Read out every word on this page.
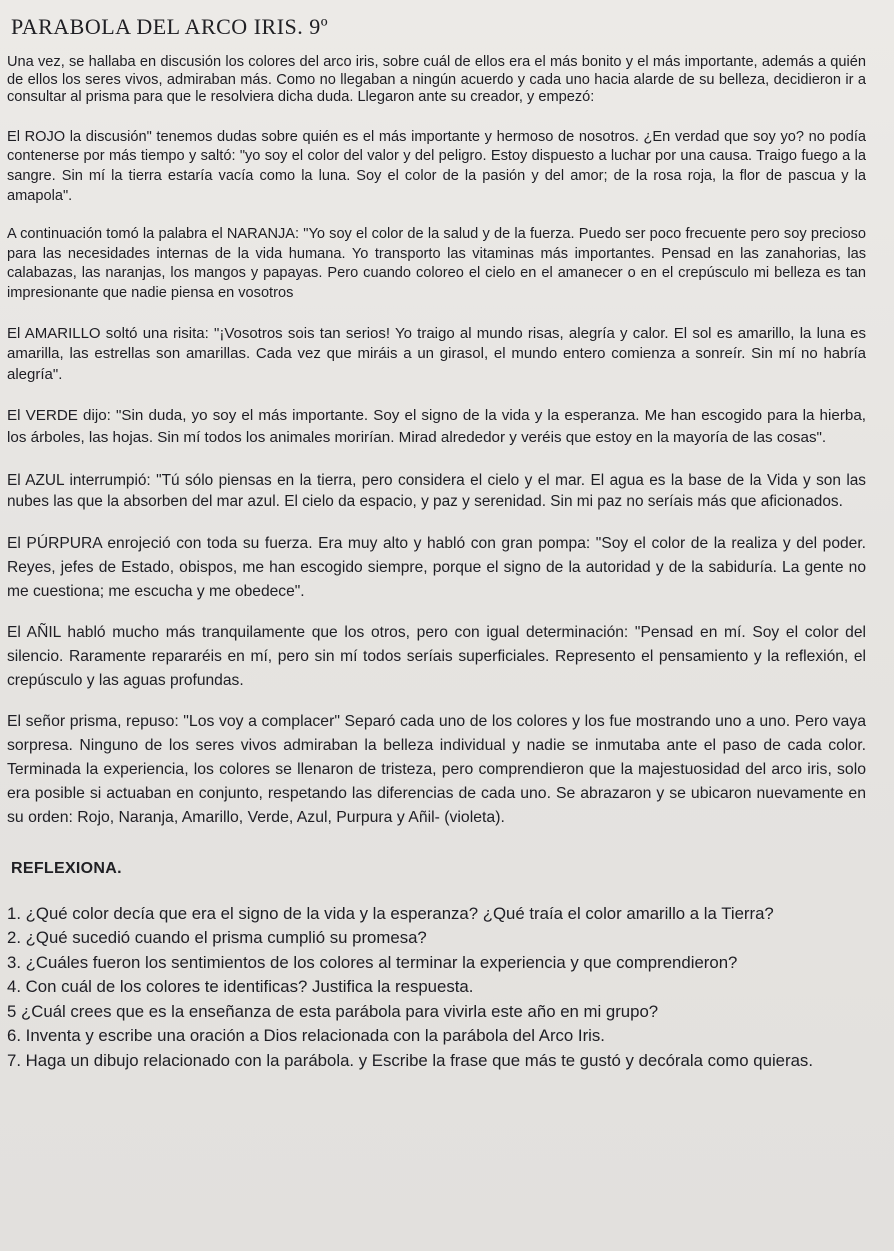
PARABOLA DEL ARCO IRIS. 9º

Una vez, se hallaba en discusión los colores del arco iris, sobre cuál de ellos era el más bonito y el más importante, además a quién de ellos los seres vivos, admiraban más. Como no llegaban a ningún acuerdo y cada uno hacia alarde de su belleza, decidieron ir a consultar al prisma para que le resolviera dicha duda. Llegaron ante su creador, y empezó:

El ROJO la discusión" tenemos dudas sobre quién es el más importante y hermoso de nosotros. ¿En verdad que soy yo? no podía contenerse por más tiempo y saltó: "yo soy el color del valor y del peligro. Estoy dispuesto a luchar por una causa. Traigo fuego a la sangre. Sin mí la tierra estaría vacía como la luna. Soy el color de la pasión y del amor; de la rosa roja, la flor de pascua y la amapola".

A continuación tomó la palabra el NARANJA: "Yo soy el color de la salud y de la fuerza. Puedo ser poco frecuente pero soy precioso para las necesidades internas de la vida humana. Yo transporto las vitaminas más importantes. Pensad en las zanahorias, las calabazas, las naranjas, los mangos y papayas. Pero cuando coloreo el cielo en el amanecer o en el crepúsculo mi belleza es tan impresionante que nadie piensa en vosotros

El AMARILLO soltó una risita: "¡Vosotros sois tan serios! Yo traigo al mundo risas, alegría y calor. El sol es amarillo, la luna es amarilla, las estrellas son amarillas. Cada vez que miráis a un girasol, el mundo entero comienza a sonreír. Sin mí no habría alegría".

El VERDE dijo: "Sin duda, yo soy el más importante. Soy el signo de la vida y la esperanza. Me han escogido para la hierba, los árboles, las hojas. Sin mí todos los animales morirían. Mirad alrededor y veréis que estoy en la mayoría de las cosas".

El AZUL interrumpió: "Tú sólo piensas en la tierra, pero considera el cielo y el mar. El agua es la base de la Vida y son las nubes las que la absorben del mar azul. El cielo da espacio, y paz y serenidad. Sin mi paz no seríais más que aficionados.

El PÚRPURA enrojeció con toda su fuerza. Era muy alto y habló con gran pompa: "Soy el color de la realiza y del poder. Reyes, jefes de Estado, obispos, me han escogido siempre, porque el signo de la autoridad y de la sabiduría. La gente no me cuestiona; me escucha y me obedece".

El AÑIL habló mucho más tranquilamente que los otros, pero con igual determinación: "Pensad en mí. Soy el color del silencio. Raramente repararéis en mí, pero sin mí todos seríais superficiales. Represento el pensamiento y la reflexión, el crepúsculo y las aguas profundas.

El señor prisma, repuso: "Los voy a complacer" Separó cada uno de los colores y los fue mostrando uno a uno. Pero vaya sorpresa. Ninguno de los seres vivos admiraban la belleza individual y nadie se inmutaba ante el paso de cada color. Terminada la experiencia, los colores se llenaron de tristeza, pero comprendieron que la majestuosidad del arco iris, solo era posible si actuaban en conjunto, respetando las diferencias de cada uno. Se abrazaron y se ubicaron nuevamente en su orden: Rojo, Naranja, Amarillo, Verde, Azul, Purpura y Añil- (violeta).

REFLEXIONA.
1. ¿Qué color decía que era el signo de la vida y la esperanza? ¿Qué traía el color amarillo a la Tierra?
2. ¿Qué sucedió cuando el prisma cumplió su promesa?
3. ¿Cuáles fueron los sentimientos de los colores al terminar la experiencia y que comprendieron?
4. Con cuál de los colores te identificas? Justifica la respuesta.
5 ¿Cuál crees que es la enseñanza de esta parábola para vivirla este año en mi grupo?
6. Inventa y escribe una oración a Dios relacionada con la parábola del Arco Iris.
7. Haga un dibujo relacionado con la parábola. y Escribe la frase que más te gustó y decórala como quieras.
